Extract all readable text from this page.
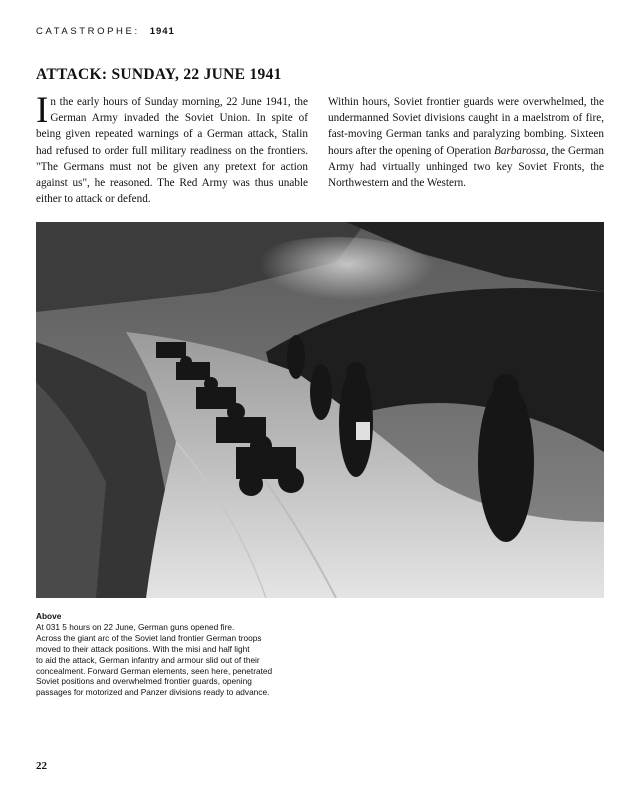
CATASTROPHE: 1941
ATTACK: SUNDAY, 22 JUNE 1941
In the early hours of Sunday morning, 22 June 1941, the German Army invaded the Soviet Union. In spite of being given repeated warnings of a German attack, Stalin had refused to order full military readiness on the frontiers. "The Germans must not be given any pretext for action against us", he reasoned. The Red Army was thus unable either to attack or defend.
Within hours, Soviet frontier guards were overwhelmed, the undermanned Soviet divisions caught in a maelstrom of fire, fast-moving German tanks and paralyzing bombing. Sixteen hours after the opening of Operation Barbarossa, the German Army had virtually unhinged two key Soviet Fronts, the Northwestern and the Western.
Above
At 031 5 hours on 22 June, German guns opened fire.
Across the giant arc of the Soviet land frontier German troops
moved to their attack positions. With the misi and half light
to aid the attack, German infantry and armour slid out of their
concealment. Forward German elements, seen here, penetrated
Soviet positions and overwhelmed frontier guards, opening
passages for motorized and Panzer divisions ready to advance.
22
